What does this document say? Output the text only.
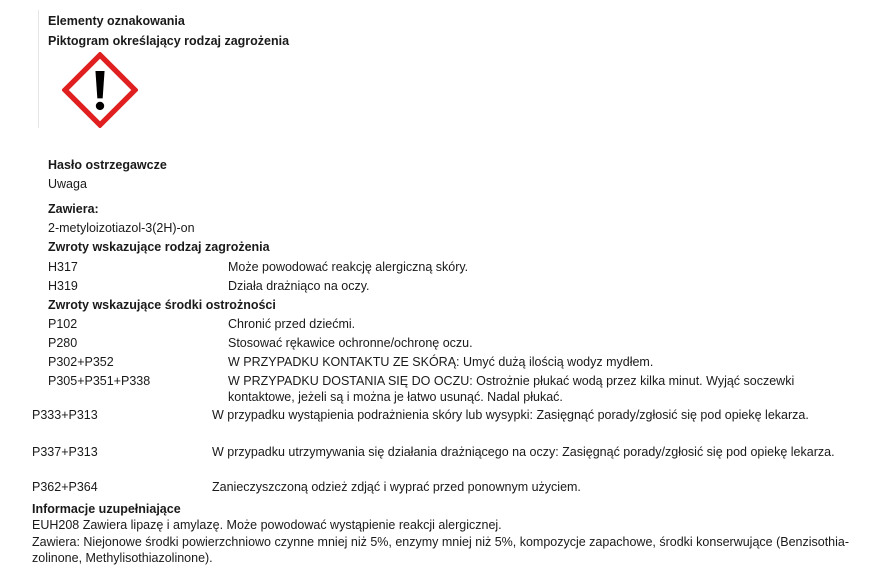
Elementy oznakowania
Piktogram określający rodzaj zagrożenia
Hasło ostrzegawcze
Uwaga
Zawiera:
2-metyloizotiazol-3(2H)-on
Zwroty wskazujące rodzaj zagrożenia
H317	Może powodować reakcję alergiczną skóry.
H319	Działa drażniąco na oczy.
Zwroty wskazujące środki ostrożności
P102	Chronić przed dziećmi.
P280	Stosować rękawice ochronne/ochronę oczu.
P302+P352	W PRZYPADKU KONTAKTU ZE SKÓRĄ: Umyć dużą ilością wodyz mydłem.
P305+P351+P338	W PRZYPADKU DOSTANIA SIĘ DO OCZU: Ostrożnie płukać wodą przez kilka minut. Wyjąć soczewki
kontaktowe, jeżeli są i można je łatwo usunąć. Nadal płukać.
P333+P313	W przypadku wystąpienia podrażnienia skóry lub wysypki: Zasięgnąć porady/zgłosić się pod opiekę lekarza.
P337+P313	W przypadku utrzymywania się działania drażniącego na oczy: Zasięgnąć porady/zgłosić się pod opiekę lekarza.
P362+P364	Zanieczyszczoną odzież zdjąć i wyprać przed ponownym użyciem.
Informacje uzupełniające
EUH208 Zawiera lipazę i amylazę. Może powodować wystąpienie reakcji alergicznej.
Zawiera: Niejonowe środki powierzchniowo czynne mniej niż 5%, enzymy mniej niż 5%, kompozycje zapachowe, środki konserwujące (Benzisothia-
zolinone, Methylisothiazolinone).
